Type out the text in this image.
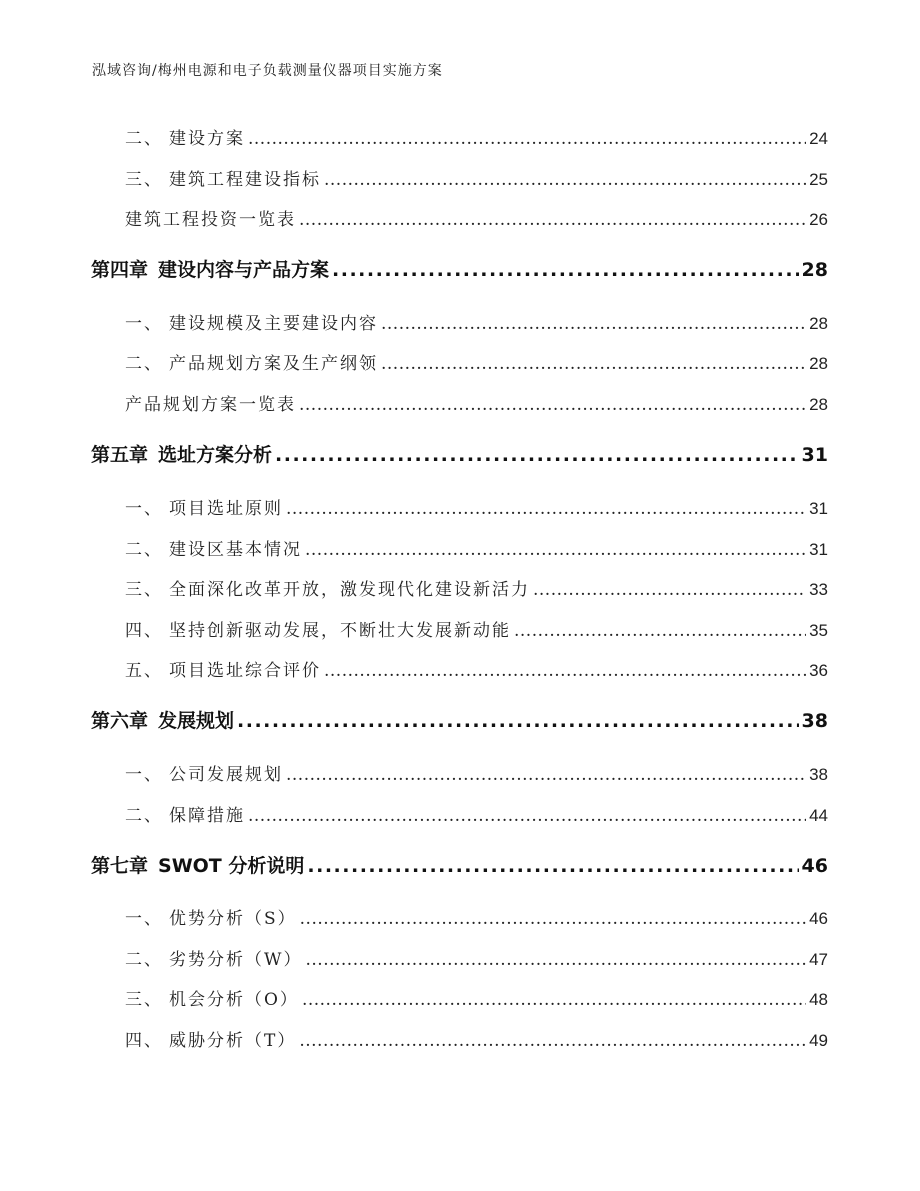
泓域咨询/梅州电源和电子负载测量仪器项目实施方案
二、 建设方案 .....	24
三、 建筑工程建设指标 .....	25
建筑工程投资一览表 .....	26
第四章 建设内容与产品方案 .....	28
一、 建设规模及主要建设内容 .....	28
二、 产品规划方案及生产纲领 .....	28
产品规划方案一览表 .....	28
第五章 选址方案分析 .....	31
一、 项目选址原则 .....	31
二、 建设区基本情况 .....	31
三、 全面深化改革开放，激发现代化建设新活力 .....	33
四、 坚持创新驱动发展，不断壮大发展新动能 .....	35
五、 项目选址综合评价 .....	36
第六章 发展规划 .....	38
一、 公司发展规划 .....	38
二、 保障措施 .....	44
第七章 SWOT 分析说明 .....	46
一、 优势分析（S） .....	46
二、 劣势分析（W） .....	47
三、 机会分析（O） .....	48
四、 威胁分析（T） .....	49
